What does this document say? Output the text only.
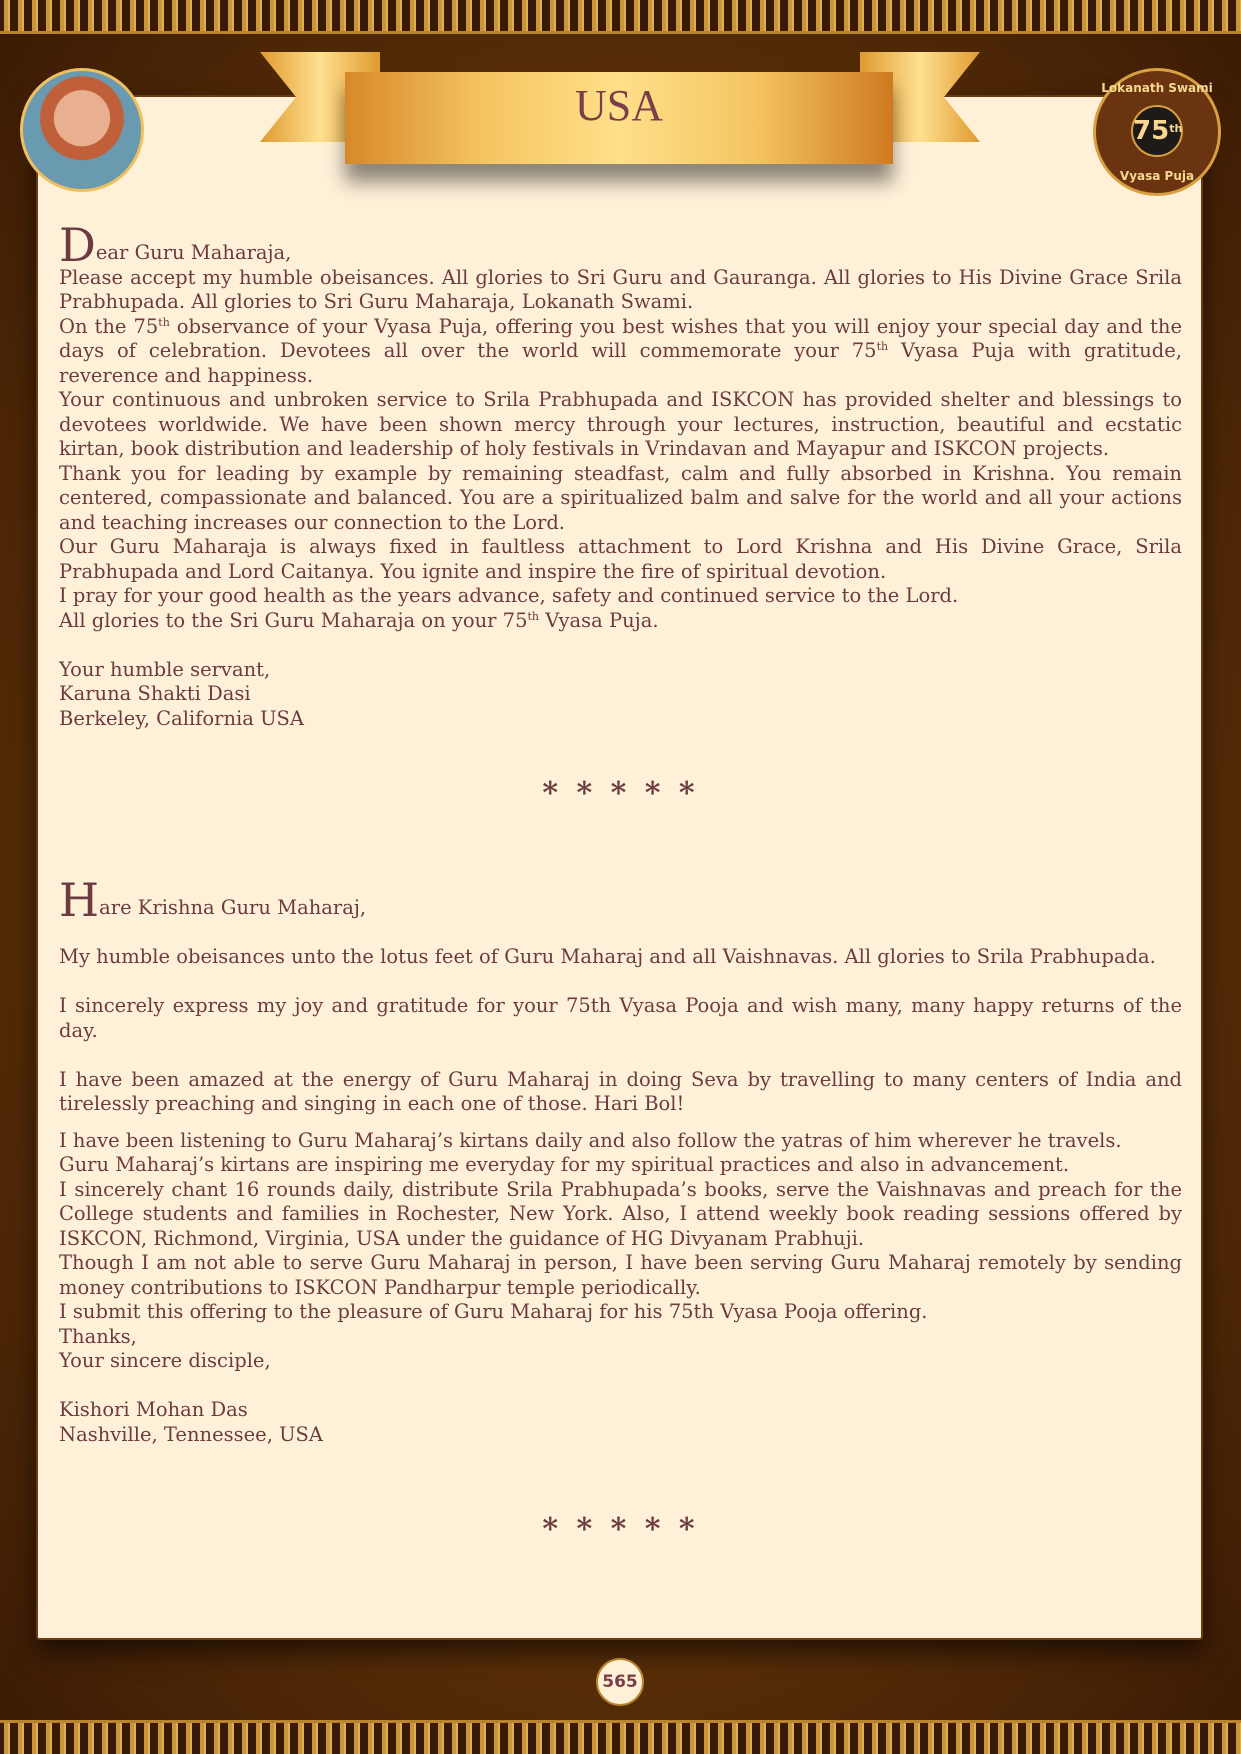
USA	Lokanath Swami
75th
Vyasa Puja

Dear Guru Maharaja,

Please accept my humble obeisances. All glories to Sri Guru and Gauranga. All glories to His Divine Grace Srila Prabhupada. All glories to Sri Guru Maharaja, Lokanath Swami.

On the 75th observance of your Vyasa Puja, offering you best wishes that you will enjoy your special day and the days of celebration. Devotees all over the world will commemorate your 75th Vyasa Puja with gratitude, reverence and happiness.

Your continuous and unbroken service to Srila Prabhupada and ISKCON has provided shelter and blessings to devotees worldwide. We have been shown mercy through your lectures, instruction, beautiful and ecstatic kirtan, book distribution and leadership of holy festivals in Vrindavan and Mayapur and ISKCON projects.

Thank you for leading by example by remaining steadfast, calm and fully absorbed in Krishna. You remain centered, compassionate and balanced. You are a spiritualized balm and salve for the world and all your actions and teaching increases our connection to the Lord.

Our Guru Maharaja is always fixed in faultless attachment to Lord Krishna and His Divine Grace, Srila Prabhupada and Lord Caitanya. You ignite and inspire the fire of spiritual devotion.

I pray for your good health as the years advance, safety and continued service to the Lord.

All glories to the Sri Guru Maharaja on your 75th Vyasa Puja.

Your humble servant,

Karuna Shakti Dasi

Berkeley, California USA

* * * * *

Hare Krishna Guru Maharaj,

My humble obeisances unto the lotus feet of Guru Maharaj and all Vaishnavas. All glories to Srila Prabhupada.

I sincerely express my joy and gratitude for your 75th Vyasa Pooja and wish many, many happy returns of the day.

I have been amazed at the energy of Guru Maharaj in doing Seva by travelling to many centers of India and tirelessly preaching and singing in each one of those. Hari Bol!

I have been listening to Guru Maharaj’s kirtans daily and also follow the yatras of him wherever he travels.

Guru Maharaj’s kirtans are inspiring me everyday for my spiritual practices and also in advancement.

I sincerely chant 16 rounds daily, distribute Srila Prabhupada’s books, serve the Vaishnavas and preach for the College students and families in Rochester, New York. Also, I attend weekly book reading sessions offered by ISKCON, Richmond, Virginia, USA under the guidance of HG Divyanam Prabhuji.

Though I am not able to serve Guru Maharaj in person, I have been serving Guru Maharaj remotely by sending money contributions to ISKCON Pandharpur temple periodically.

I submit this offering to the pleasure of Guru Maharaj for his 75th Vyasa Pooja offering.

Thanks,

Your sincere disciple,

Kishori Mohan Das

Nashville, Tennessee, USA

* * * * *
565
